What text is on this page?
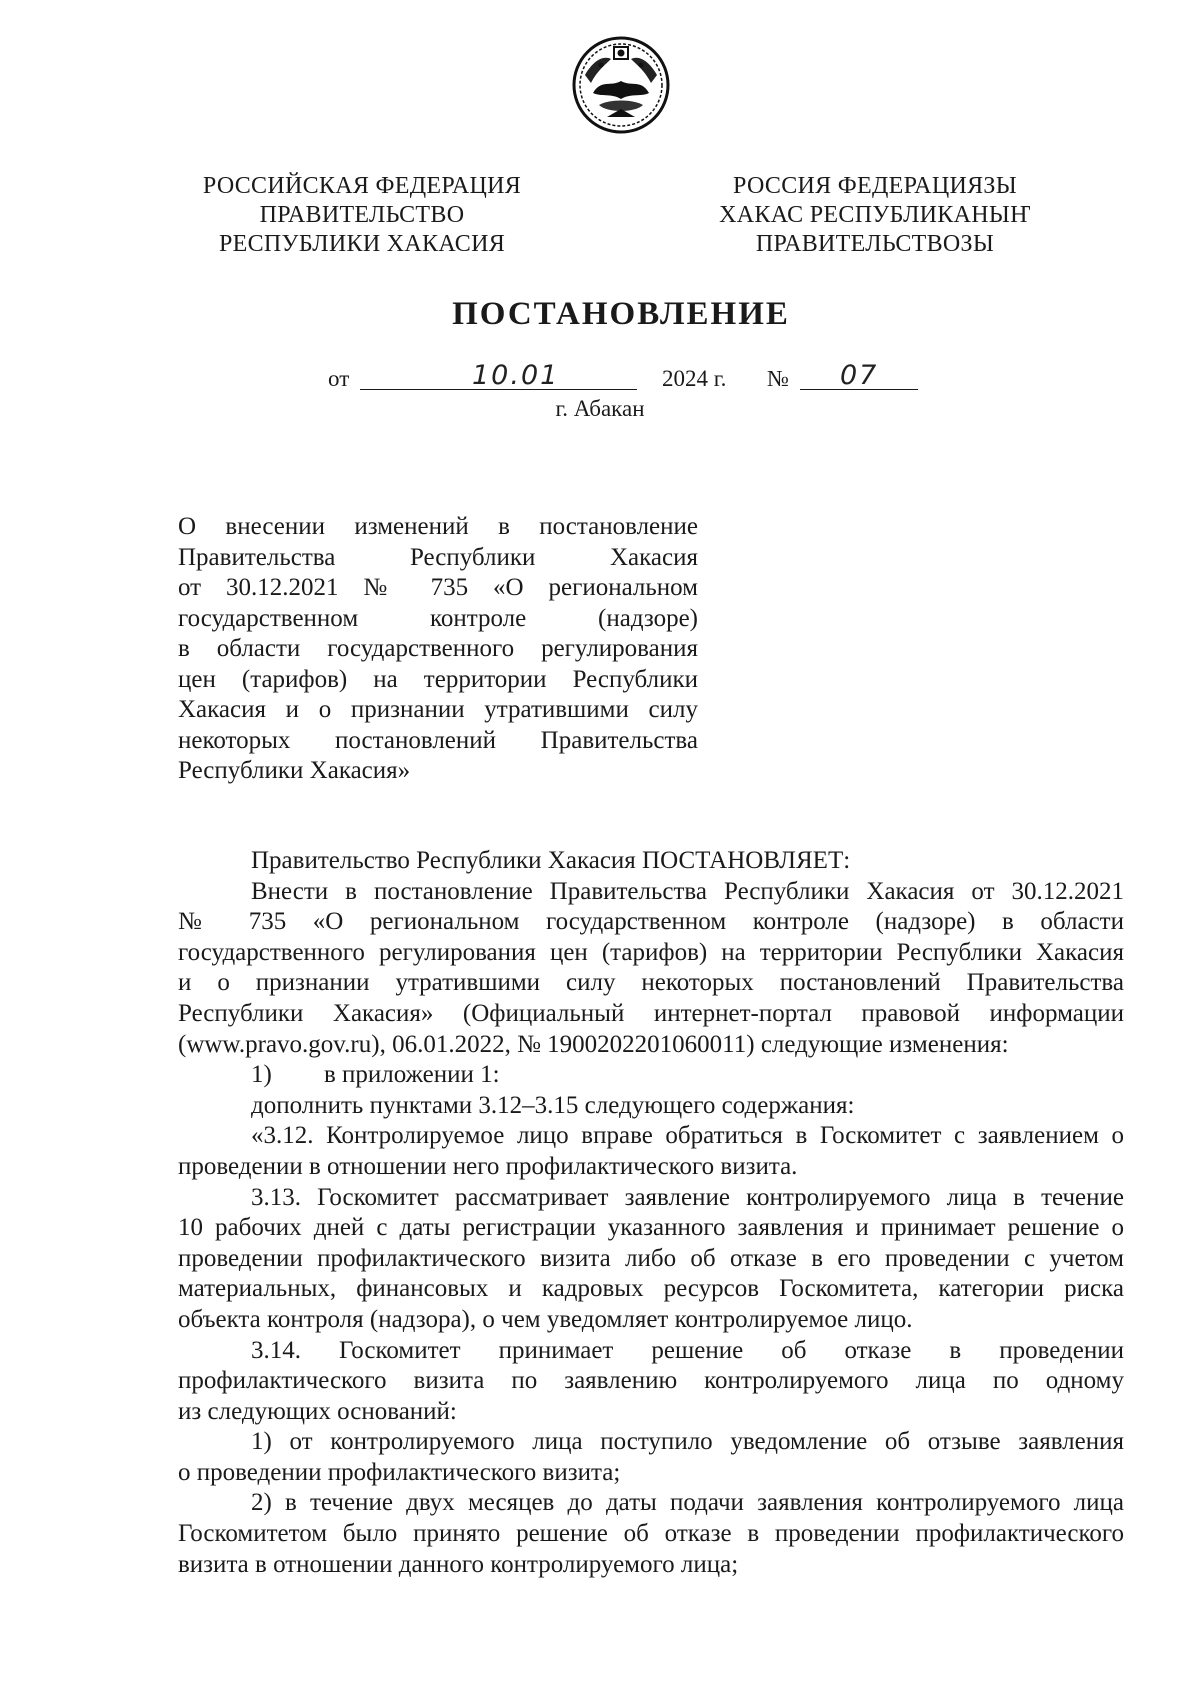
РОССИЙСКАЯ ФЕДЕРАЦИЯ
ПРАВИТЕЛЬСТВО
РЕСПУБЛИКИ ХАКАСИЯ
РОССИЯ ФЕДЕРАЦИЯЗЫ
ХАКАС РЕСПУБЛИКАНЫҤ
ПРАВИТЕЛЬСТВОЗЫ
ПОСТАНОВЛЕНИЕ
от	10.01	2024 г. № 07
г. Абакан
О внесении изменений в постановление
Правительства Республики Хакасия
от 30.12.2021 № 735 «О региональном
государственном контроле (надзоре)
в области государственного регулирования
цен (тарифов) на территории Республики
Хакасия и о признании утратившими силу
некоторых постановлений Правительства
Республики Хакасия»
Правительство Республики Хакасия ПОСТАНОВЛЯЕТ:
Внести в постановление Правительства Республики Хакасия от 30.12.2021
№ 735 «О региональном государственном контроле (надзоре) в области
государственного регулирования цен (тарифов) на территории Республики Хакасия
и о признании утратившими силу некоторых постановлений Правительства
Республики Хакасия» (Официальный интернет-портал правовой информации
(www.pravo.gov.ru), 06.01.2022, № 1900202201060011) следующие изменения:
1) в приложении 1:
дополнить пунктами 3.12–3.15 следующего содержания:
«3.12. Контролируемое лицо вправе обратиться в Госкомитет с заявлением о
проведении в отношении него профилактического визита.
3.13. Госкомитет рассматривает заявление контролируемого лица в течение
10 рабочих дней с даты регистрации указанного заявления и принимает решение о
проведении профилактического визита либо об отказе в его проведении с учетом
материальных, финансовых и кадровых ресурсов Госкомитета, категории риска
объекта контроля (надзора), о чем уведомляет контролируемое лицо.
3.14. Госкомитет принимает решение об отказе в проведении
профилактического визита по заявлению контролируемого лица по одному
из следующих оснований:
1) от контролируемого лица поступило уведомление об отзыве заявления
о проведении профилактического визита;
2) в течение двух месяцев до даты подачи заявления контролируемого лица
Госкомитетом было принято решение об отказе в проведении профилактического
визита в отношении данного контролируемого лица;
